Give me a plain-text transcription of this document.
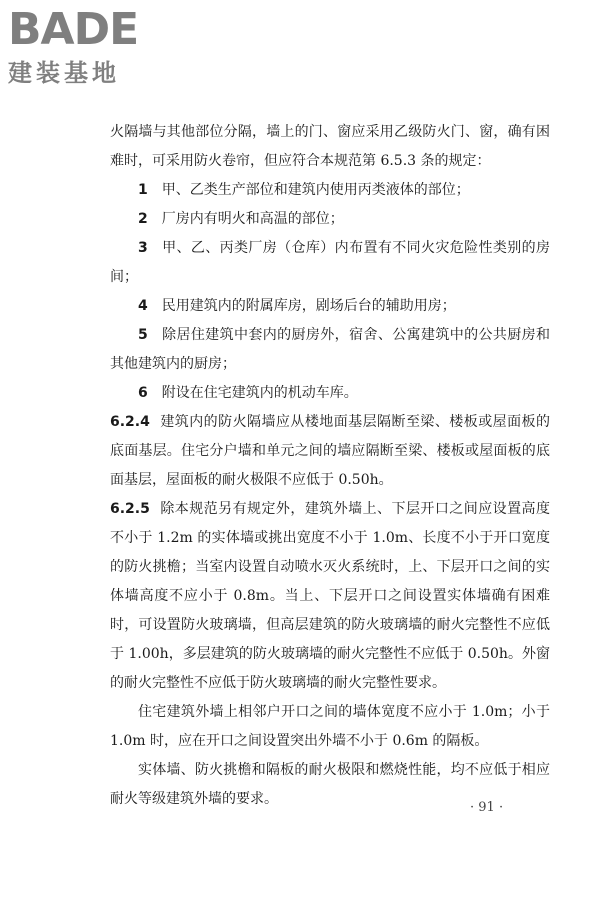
BADE
建装基地

火隔墙与其他部位分隔，墙上的门、窗应采用乙级防火门、窗，确有困难时，可采用防火卷帘，但应符合本规范第 6.5.3 条的规定：

1 甲、乙类生产部位和建筑内使用丙类液体的部位；

2 厂房内有明火和高温的部位；

3 甲、乙、丙类厂房（仓库）内布置有不同火灾危险性类别的房间；

4 民用建筑内的附属库房，剧场后台的辅助用房；

5 除居住建筑中套内的厨房外，宿舍、公寓建筑中的公共厨房和其他建筑内的厨房；

6 附设在住宅建筑内的机动车库。

6.2.4 建筑内的防火隔墙应从楼地面基层隔断至梁、楼板或屋面板的底面基层。住宅分户墙和单元之间的墙应隔断至梁、楼板或屋面板的底面基层，屋面板的耐火极限不应低于 0.50h。

6.2.5 除本规范另有规定外，建筑外墙上、下层开口之间应设置高度不小于 1.2m 的实体墙或挑出宽度不小于 1.0m、长度不小于开口宽度的防火挑檐；当室内设置自动喷水灭火系统时，上、下层开口之间的实体墙高度不应小于 0.8m。当上、下层开口之间设置实体墙确有困难时，可设置防火玻璃墙，但高层建筑的防火玻璃墙的耐火完整性不应低于 1.00h，多层建筑的防火玻璃墙的耐火完整性不应低于 0.50h。外窗的耐火完整性不应低于防火玻璃墙的耐火完整性要求。

住宅建筑外墙上相邻户开口之间的墙体宽度不应小于 1.0m；小于 1.0m 时，应在开口之间设置突出外墙不小于 0.6m 的隔板。

实体墙、防火挑檐和隔板的耐火极限和燃烧性能，均不应低于相应耐火等级建筑外墙的要求。

· 91 ·
